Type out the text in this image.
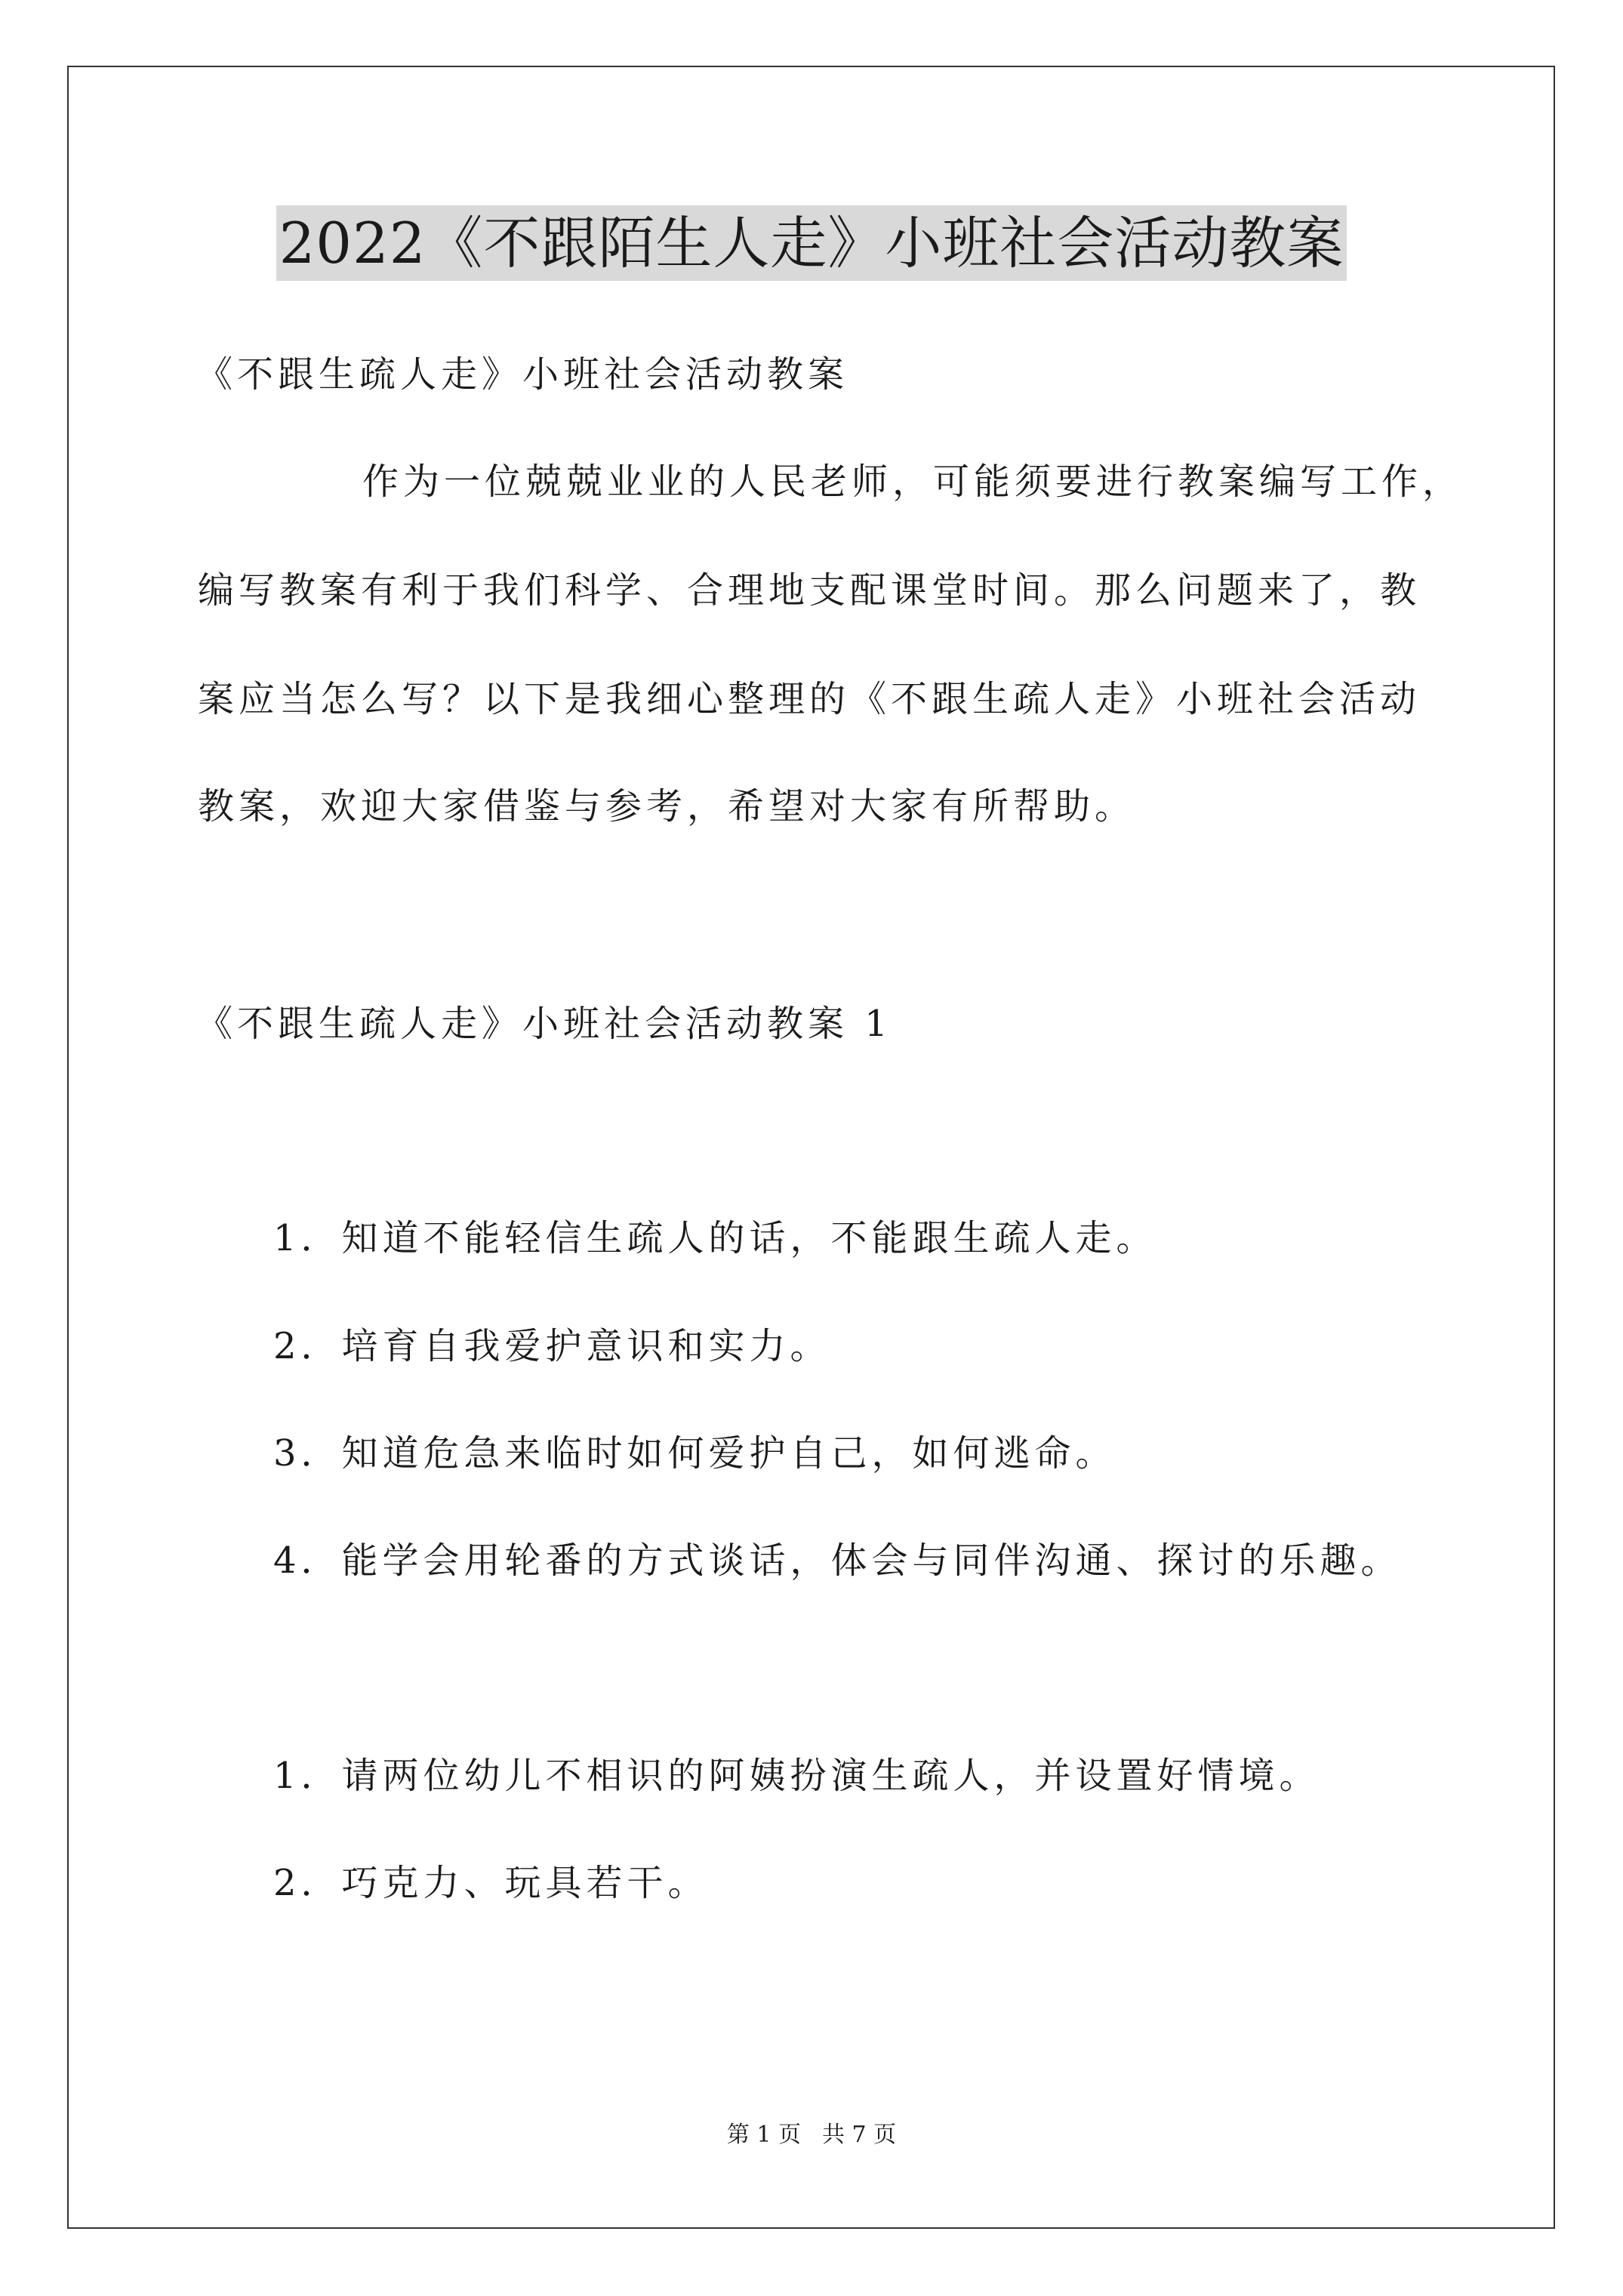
2022《不跟陌生人走》小班社会活动教案
《不跟生疏人走》小班社会活动教案
作为一位兢兢业业的人民老师，可能须要进行教案编写工作，
编写教案有利于我们科学、合理地支配课堂时间。那么问题来了，教
案应当怎么写？以下是我细心整理的《不跟生疏人走》小班社会活动
教案，欢迎大家借鉴与参考，希望对大家有所帮助。
《不跟生疏人走》小班社会活动教案 1
1．知道不能轻信生疏人的话，不能跟生疏人走。
2．培育自我爱护意识和实力。
3．知道危急来临时如何爱护自己，如何逃命。
4．能学会用轮番的方式谈话，体会与同伴沟通、探讨的乐趣。
1．请两位幼儿不相识的阿姨扮演生疏人，并设置好情境。
2．巧克力、玩具若干。
第 1 页 共 7 页
